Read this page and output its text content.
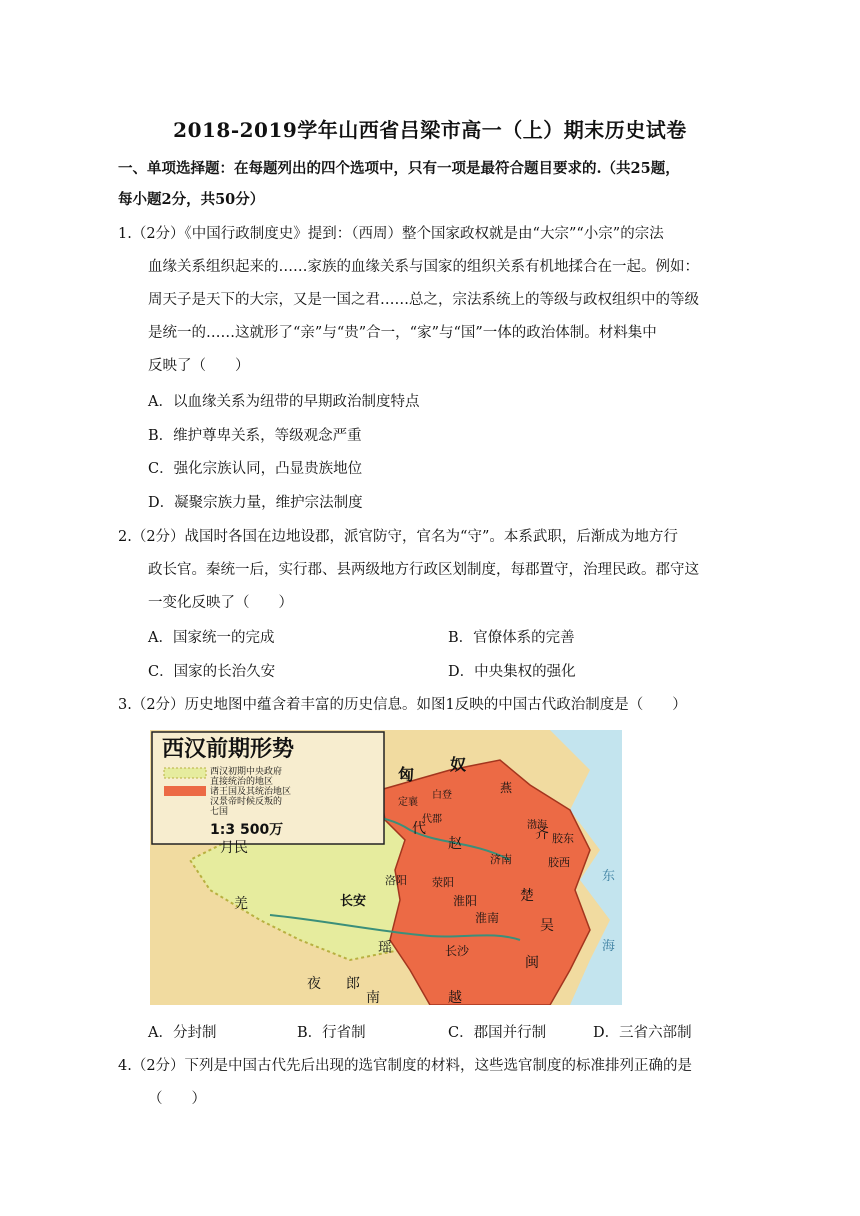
2018-2019学年山西省吕梁市高一（上）期末历史试卷
一、单项选择题：在每题列出的四个选项中，只有一项是最符合题目要求的.（共25题，
每小题2分，共50分）
1.（2分）《中国行政制度史》提到：（西周）整个国家政权就是由“大宗”“小宗”的宗法
血缘关系组织起来的……家族的血缘关系与国家的组织关系有机地揉合在一起。例如：
周天子是天下的大宗，又是一国之君……总之，宗法系统上的等级与政权组织中的等级
是统一的……这就形了“亲”与“贵”合一，“家”与“国”一体的政治体制。材料集中
反映了（　　）
A．以血缘关系为纽带的早期政治制度特点
B．维护尊卑关系，等级观念严重
C．强化宗族认同，凸显贵族地位
D．凝聚宗族力量，维护宗法制度
2.（2分）战国时各国在边地设郡，派官防守，官名为“守”。本系武职，后渐成为地方行
政长官。秦统一后，实行郡、县两级地方行政区划制度，每郡置守，治理民政。郡守这
一变化反映了（　　）
A．国家统一的完成	B．官僚体系的完善
C．国家的长治久安	D．中央集权的强化
3.（2分）历史地图中蕴含着丰富的历史信息。如图1反映的中国古代政治制度是（　　）
西汉前期形势
西汉初期中央政府
直接统治的地区
诸王国及其统治地区
汉景帝时候反叛的
七国
1:3 500万
匈
奴
月民
羌	长安
洛阳 荥阳
淮阳
淮南
长沙
代
赵
燕
齐
济南
胶东
胶西
楚
吴
越
闽
夜 郎
南
瑶
白登
定襄
代郡
渤海
东
海
A．分封制	B．行省制	C．郡国并行制	D．三省六部制
4.（2分）下列是中国古代先后出现的选官制度的材料，这些选官制度的标准排列正确的是
（　　）
